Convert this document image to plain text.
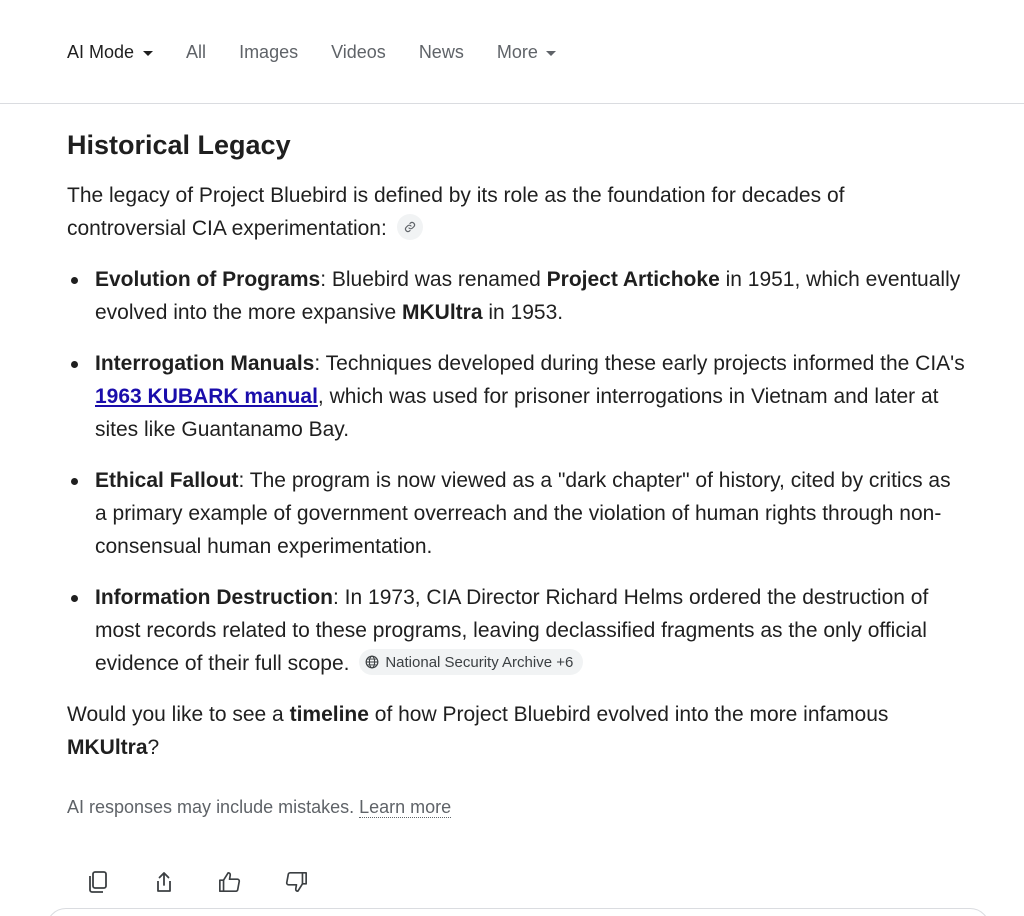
AI Mode	All Images Videos News More
Historical Legacy

The legacy of Project Bluebird is defined by its role as the foundation for decades of controversial CIA experimentation:

Evolution of Programs: Bluebird was renamed Project Artichoke in 1951, which eventually evolved into the more expansive MKUltra in 1953.
Interrogation Manuals: Techniques developed during these early projects informed the CIA's 1963 KUBARK manual, which was used for prisoner interrogations in Vietnam and later at sites like Guantanamo Bay.
Ethical Fallout: The program is now viewed as a "dark chapter" of history, cited by critics as a primary example of government overreach and the violation of human rights through non-consensual human experimentation.
Information Destruction: In 1973, CIA Director Richard Helms ordered the destruction of most records related to these programs, leaving declassified fragments as the only official evidence of their full scope. National Security Archive +6

Would you like to see a timeline of how Project Bluebird evolved into the more infamous MKUltra?

AI responses may include mistakes. Learn more
